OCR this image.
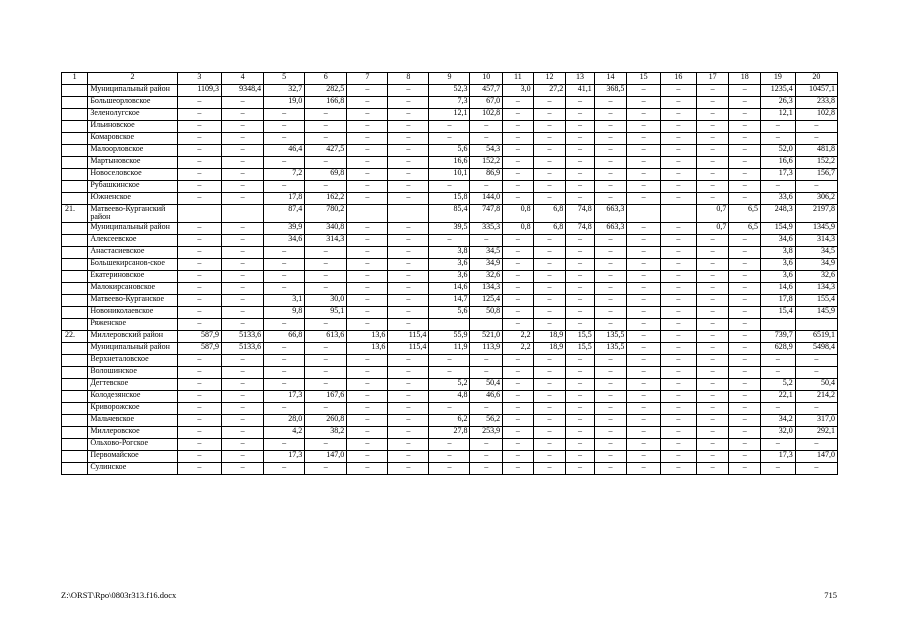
1	2	3	4	5	6	7	8	9	10	11	12	13	14	15	16	17	18	19	20
	Муниципальный район	1109,3	9348,4	32,7	282,5	–	–	52,3	457,7	3,0	27,2	41,1	368,5	–	–	–	–	1235,4	10457,1
	Большеорловское	–	–	19,0	166,8	–	–	7,3	67,0	–	–	–	–	–	–	–	–	26,3	233,8
	Зеленолугское	–	–	–	–	–	–	12,1	102,8	–	–	–	–	–	–	–	–	12,1	102,8
	Ильиновское	–	–	–	–	–	–	–	–	–	–	–	–	–	–	–	–	–	–
	Комаровское	–	–	–	–	–	–	–	–	–	–	–	–	–	–	–	–	–	–
	Малоорловское	–	–	46,4	427,5	–	–	5,6	54,3	–	–	–	–	–	–	–	–	52,0	481,8
	Мартыновское	–	–	–	–	–	–	16,6	152,2	–	–	–	–	–	–	–	–	16,6	152,2
	Новоселовское	–	–	7,2	69,8	–	–	10,1	86,9	–	–	–	–	–	–	–	–	17,3	156,7
	Рубашкинское	–	–	–	–	–	–	–	–	–	–	–	–	–	–	–	–	–	–
	Южненское	–	–	17,8	162,2	–	–	15,8	144,0	–	–	–	–	–	–	–	–	33,6	306,2
21.	Матвеево-Курганский район			87,4	780,2			85,4	747,8	0,8	6,8	74,8	663,3			0,7	6,5	248,3	2197,8
	Муниципальный район	–	–	39,9	340,8	–	–	39,5	335,3	0,8	6,8	74,8	663,3	–	–	0,7	6,5	154,9	1345,9
	Алексеевское	–	–	34,6	314,3	–	–	–	–	–	–	–	–	–	–	–	–	34,6	314,3
	Анастасиевское	–	–	–	–	–	–	3,8	34,5	–	–	–	–	–	–	–	–	3,8	34,5
	Большекирсанов-ское	–	–	–	–	–	–	3,6	34,9	–	–	–	–	–	–	–	–	3,6	34,9
	Екатериновское	–	–	–	–	–	–	3,6	32,6	–	–	–	–	–	–	–	–	3,6	32,6
	Малокирсановское	–	–	–	–	–	–	14,6	134,3	–	–	–	–	–	–	–	–	14,6	134,3
	Матвеево-Курганское	–	–	3,1	30,0	–	–	14,7	125,4	–	–	–	–	–	–	–	–	17,8	155,4
	Новониколаевское	–	–	9,8	95,1	–	–	5,6	50,8	–	–	–	–	–	–	–	–	15,4	145,9
	Ряженское	–	–	–	–	–	–			–	–	–	–	–	–	–	–		
22.	Миллеровский район	587,9	5133,6	66,8	613,6	13,6	115,4	55,9	521,0	2,2	18,9	15,5	135,5	–	–	–	–	739,7	6519,1
	Муниципальный район	587,9	5133,6	–	–	13,6	115,4	11,9	113,9	2,2	18,9	15,5	135,5	–	–	–	–	628,9	5498,4
	Верхнеталовское	–	–	–	–	–	–	–	–	–	–	–	–	–	–	–	–	–	–
	Волошинское	–	–	–	–	–	–	–	–	–	–	–	–	–	–	–	–	–	–
	Дегтевское	–	–	–	–	–	–	5,2	50,4	–	–	–	–	–	–	–	–	5,2	50,4
	Колодезянское	–	–	17,3	167,6	–	–	4,8	46,6	–	–	–	–	–	–	–	–	22,1	214,2
	Криворожское	–	–	–	–	–	–	–	–	–	–	–	–	–	–	–	–	–	–
	Мальчевское	–	–	28,0	260,8	–	–	6,2	56,2	–	–	–	–	–	–	–	–	34,2	317,0
	Миллеровское	–	–	4,2	38,2	–	–	27,8	253,9	–	–	–	–	–	–	–	–	32,0	292,1
	Ольхово-Рогское	–	–	–	–	–	–	–	–	–	–	–	–	–	–	–	–	–	–
	Первомайское	–	–	17,3	147,0	–	–	–	–	–	–	–	–	–	–	–	–	17,3	147,0
	Сулинское	–	–	–	–	–	–	–	–	–	–	–	–	–	–	–	–	–	–
Z:\ORST\Rpo\0803r313.f16.docx	715
